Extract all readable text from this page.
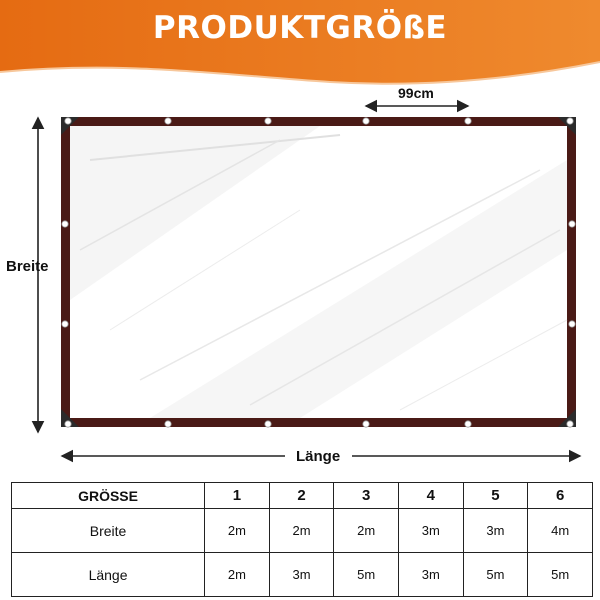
PRODUKTGRÖßE
99cm
Breite
Länge
GRÖSSE	1	2	3	4	5	6
Breite	2m	2m	2m	3m	3m	4m
Länge	2m	3m	5m	3m	5m	5m
